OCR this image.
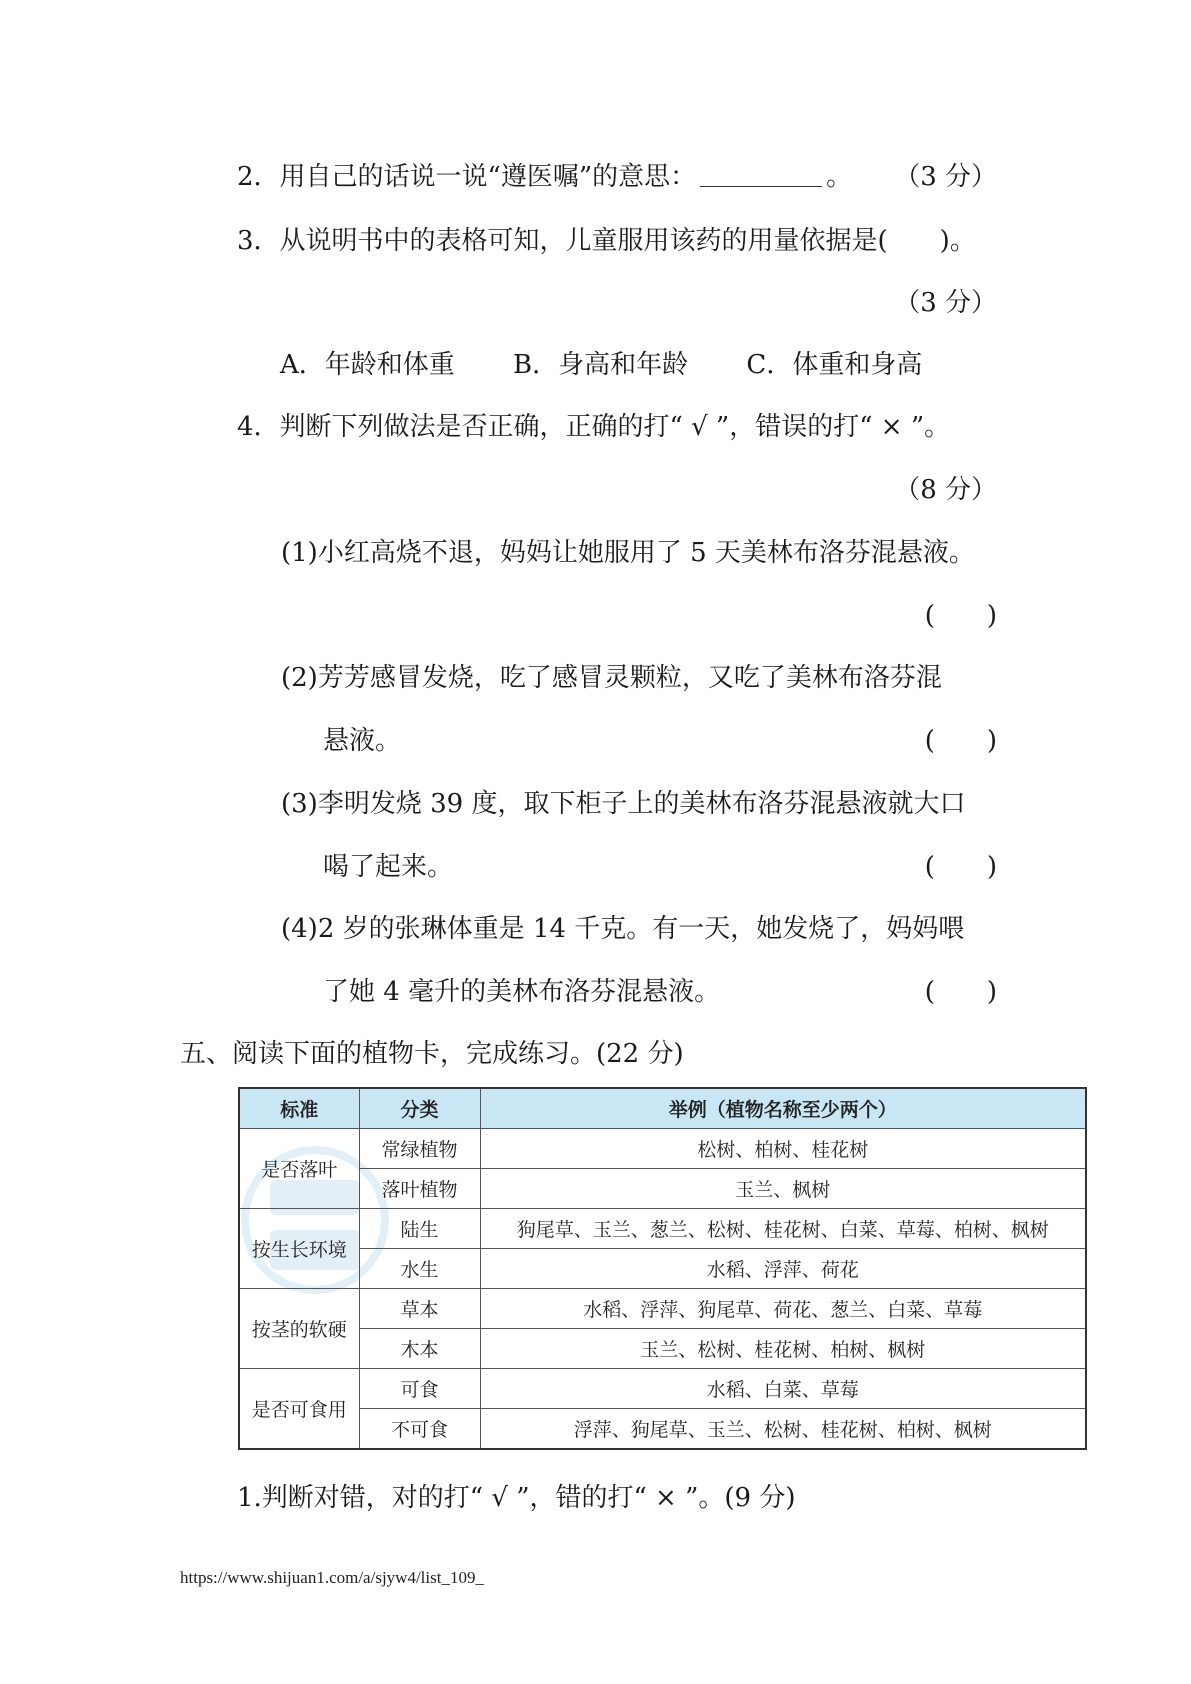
2．用自己的话说一说“遵医嘱”的意思：	。 （3 分）
3．从说明书中的表格可知，儿童服用该药的用量依据是(　　)。
（3 分）
A．年龄和体重 B．身高和年龄 C．体重和身高
4．判断下列做法是否正确，正确的打“ √ ”，错误的打“ × ”。
（8 分）
(1)小红高烧不退，妈妈让她服用了 5 天美林布洛芬混悬液。
(　　)
(2)芳芳感冒发烧，吃了感冒灵颗粒，又吃了美林布洛芬混
悬液。	(　　)
(3)李明发烧 39 度，取下柜子上的美林布洛芬混悬液就大口
喝了起来。	(　　)
(4)2 岁的张琳体重是 14 千克。有一天，她发烧了，妈妈喂
了她 4 毫升的美林布洛芬混悬液。	(　　)
五、阅读下面的植物卡，完成练习。(22 分)
标准	分类	举例（植物名称至少两个）
是否落叶	常绿植物	松树、柏树、桂花树
	落叶植物	玉兰、枫树
按生长环境	陆生	狗尾草、玉兰、葱兰、松树、桂花树、白菜、草莓、柏树、枫树
	水生	水稻、浮萍、荷花
按茎的软硬	草本	水稻、浮萍、狗尾草、荷花、葱兰、白菜、草莓
	木本	玉兰、松树、桂花树、柏树、枫树
是否可食用	可食	水稻、白菜、草莓
	不可食	浮萍、狗尾草、玉兰、松树、桂花树、柏树、枫树
1.判断对错，对的打“ √ ”，错的打“ × ”。(9 分)
https://www.shijuan1.com/a/sjyw4/list_109_
